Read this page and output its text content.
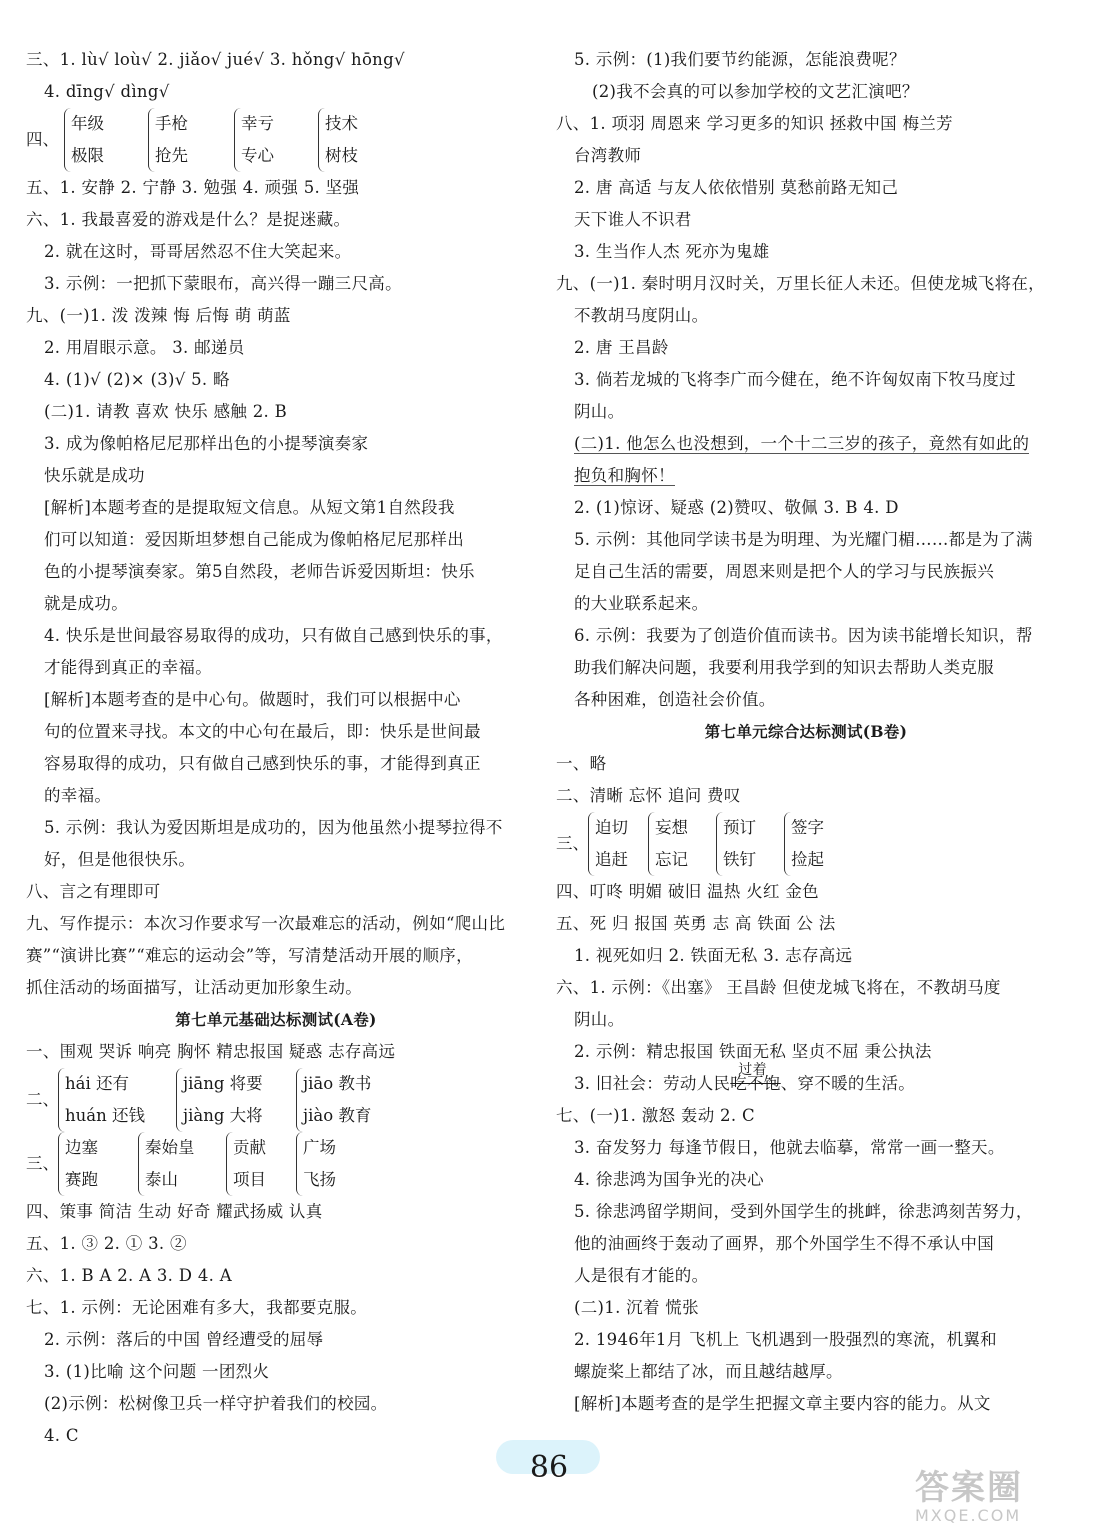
三、1. lù√ loù√ 2. jiǎo√ jué√ 3. hǒng√ hōng√
4. dīng√ dìng√
四、
年级
极限
手枪
抢先
幸亏
专心
技术
树枝
五、1. 安静 2. 宁静 3. 勉强 4. 顽强 5. 坚强
六、1. 我最喜爱的游戏是什么？是捉迷藏。
2. 就在这时，哥哥居然忍不住大笑起来。
3. 示例：一把抓下蒙眼布，高兴得一蹦三尺高。
九、(一)1. 泼 泼辣 悔 后悔 萌 萌蓝
2. 用眉眼示意。 3. 邮递员
4. (1)√ (2)× (3)√ 5. 略
(二)1. 请教 喜欢 快乐 感触 2. B
3. 成为像帕格尼尼那样出色的小提琴演奏家
快乐就是成功
[解析]本题考查的是提取短文信息。从短文第1自然段我
们可以知道：爱因斯坦梦想自己能成为像帕格尼尼那样出
色的小提琴演奏家。第5自然段，老师告诉爱因斯坦：快乐
就是成功。
4. 快乐是世间最容易取得的成功，只有做自己感到快乐的事，
才能得到真正的幸福。
[解析]本题考查的是中心句。做题时，我们可以根据中心
句的位置来寻找。本文的中心句在最后，即：快乐是世间最
容易取得的成功，只有做自己感到快乐的事，才能得到真正
的幸福。
5. 示例：我认为爱因斯坦是成功的，因为他虽然小提琴拉得不
好，但是他很快乐。
八、言之有理即可
九、写作提示：本次习作要求写一次最难忘的活动，例如“爬山比
赛”“演讲比赛”“难忘的运动会”等，写清楚活动开展的顺序，
抓住活动的场面描写，让活动更加形象生动。
第七单元基础达标测试(A卷)
一、围观 哭诉 响亮 胸怀 精忠报国 疑惑 志存高远
二、
hái 还有
huán 还钱
jiāng 将要
jiàng 大将
jiāo 教书
jiào 教育
三、
边塞
赛跑
秦始皇
泰山
贡献
项目
广场
飞扬
四、策事 简洁 生动 好奇 耀武扬威 认真
五、1. ③ 2. ① 3. ②
六、1. B A 2. A 3. D 4. A
七、1. 示例：无论困难有多大，我都要克服。
2. 示例：落后的中国 曾经遭受的屈辱
3. (1)比喻 这个问题 一团烈火
(2)示例：松树像卫兵一样守护着我们的校园。
4. C
5. 示例：(1)我们要节约能源，怎能浪费呢？
(2)我不会真的可以参加学校的文艺汇演吧？
八、1. 项羽 周恩来 学习更多的知识 拯救中国 梅兰芳
台湾教师
2. 唐 高适 与友人依依惜别 莫愁前路无知己
天下谁人不识君
3. 生当作人杰 死亦为鬼雄
九、(一)1. 秦时明月汉时关，万里长征人未还。但使龙城飞将在，
不教胡马度阴山。
2. 唐 王昌龄
3. 倘若龙城的飞将李广而今健在，绝不许匈奴南下牧马度过
阴山。
(二)1. 他怎么也没想到，一个十二三岁的孩子，竟然有如此的
抱负和胸怀！
2. (1)惊讶、疑惑 (2)赞叹、敬佩 3. B 4. D
5. 示例：其他同学读书是为明理、为光耀门楣……都是为了满
足自己生活的需要，周恩来则是把个人的学习与民族振兴
的大业联系起来。
6. 示例：我要为了创造价值而读书。因为读书能增长知识，帮
助我们解决问题，我要利用我学到的知识去帮助人类克服
各种困难，创造社会价值。
第七单元综合达标测试(B卷)
一、略
二、清晰 忘怀 追问 费叹
三、
迫切
追赶
妄想
忘记
预订
铁钉
签字
捡起
四、叮咚 明媚 破旧 温热 火红 金色
五、死 归 报国 英勇 志 高 铁面 公 法
1. 视死如归 2. 铁面无私 3. 志存高远
六、1. 示例：《出塞》 王昌龄 但使龙城飞将在，不教胡马度
阴山。
2. 示例：精忠报国 铁面无私 坚贞不屈 秉公执法
3. 旧社会：劳动人民
过着
吃不饱、穿不暖的生活。
七、(一)1. 激怒 轰动 2. C
3. 奋发努力 每逢节假日，他就去临摹，常常一画一整天。
4. 徐悲鸿为国争光的决心
5. 徐悲鸿留学期间，受到外国学生的挑衅，徐悲鸿刻苦努力，
他的油画终于轰动了画界，那个外国学生不得不承认中国
人是很有才能的。
(二)1. 沉着 慌张
2. 1946年1月 飞机上 飞机遇到一股强烈的寒流，机翼和
螺旋桨上都结了冰，而且越结越厚。
[解析]本题考查的是学生把握文章主要内容的能力。从文
86
答案圈
MXQE.COM
